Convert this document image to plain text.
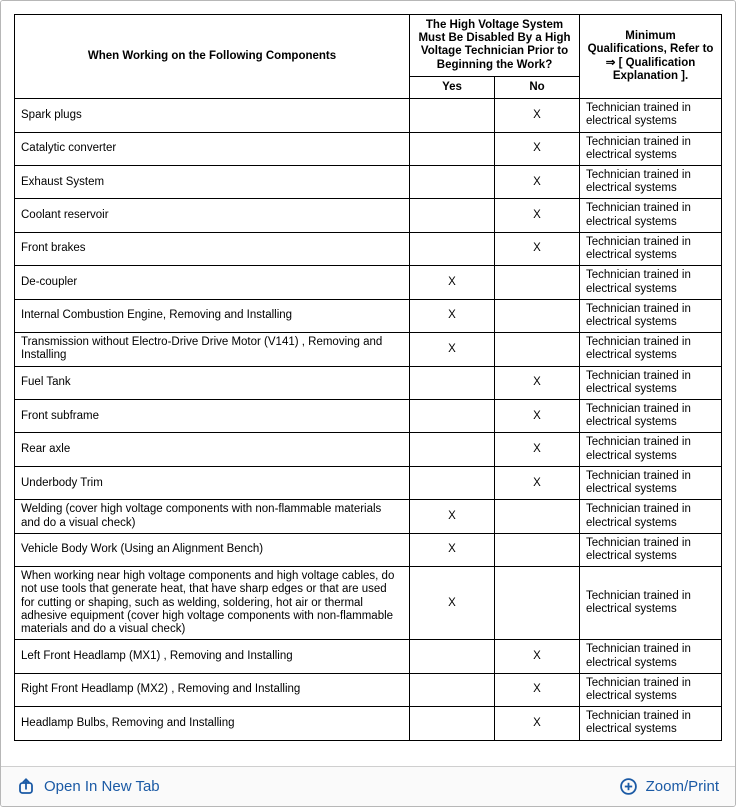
When Working on the Following Components	The High Voltage System Must Be Disabled By a High Voltage Technician Prior to Beginning the Work?		Minimum Qualifications, Refer to ⇒ [ Qualification Explanation ].
	Yes	No	
Spark plugs		X	Technician trained in electrical systems
Catalytic converter		X	Technician trained in electrical systems
Exhaust System		X	Technician trained in electrical systems
Coolant reservoir		X	Technician trained in electrical systems
Front brakes		X	Technician trained in electrical systems
De-coupler	X		Technician trained in electrical systems
Internal Combustion Engine, Removing and Installing	X		Technician trained in electrical systems
Transmission without Electro-Drive Drive Motor (V141) , Removing and Installing	X		Technician trained in electrical systems
Fuel Tank		X	Technician trained in electrical systems
Front subframe		X	Technician trained in electrical systems
Rear axle		X	Technician trained in electrical systems
Underbody Trim		X	Technician trained in electrical systems
Welding (cover high voltage components with non-flammable materials and do a visual check)	X		Technician trained in electrical systems
Vehicle Body Work (Using an Alignment Bench)	X		Technician trained in electrical systems
When working near high voltage components and high voltage cables, do not use tools that generate heat, that have sharp edges or that are used for cutting or shaping, such as welding, soldering, hot air or thermal adhesive equipment (cover high voltage components with non-flammable materials and do a visual check)	X		Technician trained in electrical systems
Left Front Headlamp (MX1) , Removing and Installing		X	Technician trained in electrical systems
Right Front Headlamp (MX2) , Removing and Installing		X	Technician trained in electrical systems
Headlamp Bulbs, Removing and Installing		X	Technician trained in electrical systems
Open In New Tab	Zoom/Print
